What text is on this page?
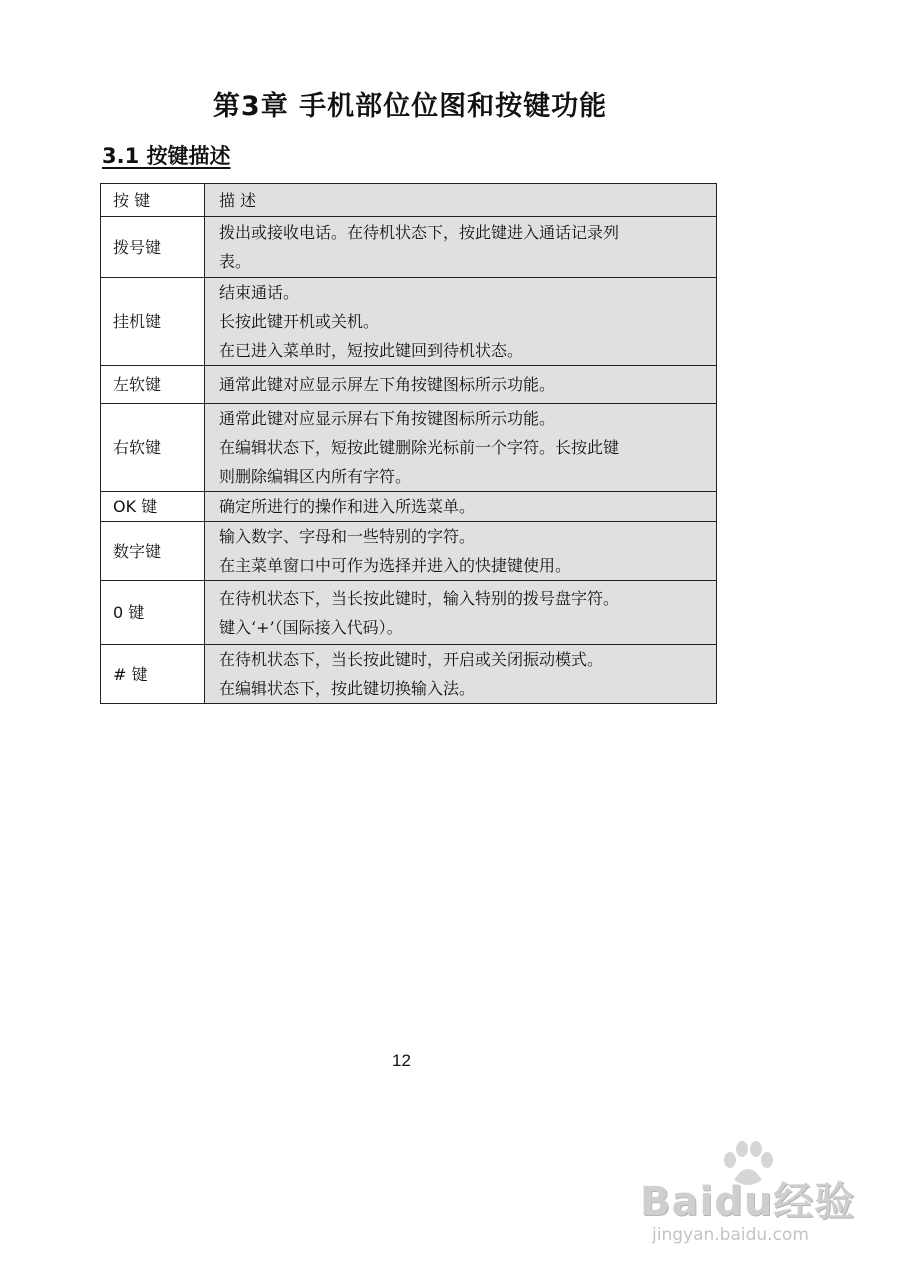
第3章 手机部位位图和按键功能
3.1 按键描述
按 键	描 述
拨号键	拨出或接收电话。在待机状态下，按此键进入通话记录列
表。

挂机键	结束通话。
长按此键开机或关机。
在已进入菜单时，短按此键回到待机状态。

左软键	通常此键对应显示屏左下角按键图标所示功能。

右软键	通常此键对应显示屏右下角按键图标所示功能。
在编辑状态下，短按此键删除光标前一个字符。长按此键
则删除编辑区内所有字符。

OK 键	确定所进行的操作和进入所选菜单。

数字键	输入数字、字母和一些特别的字符。
在主菜单窗口中可作为选择并进入的快捷键使用。

0 键	在待机状态下，当长按此键时，输入特别的拨号盘字符。
键入‘+’（国际接入代码）。

# 键	在待机状态下，当长按此键时，开启或关闭振动模式。
在编辑状态下，按此键切换输入法。
12
Baidu经验
jingyan.baidu.com
